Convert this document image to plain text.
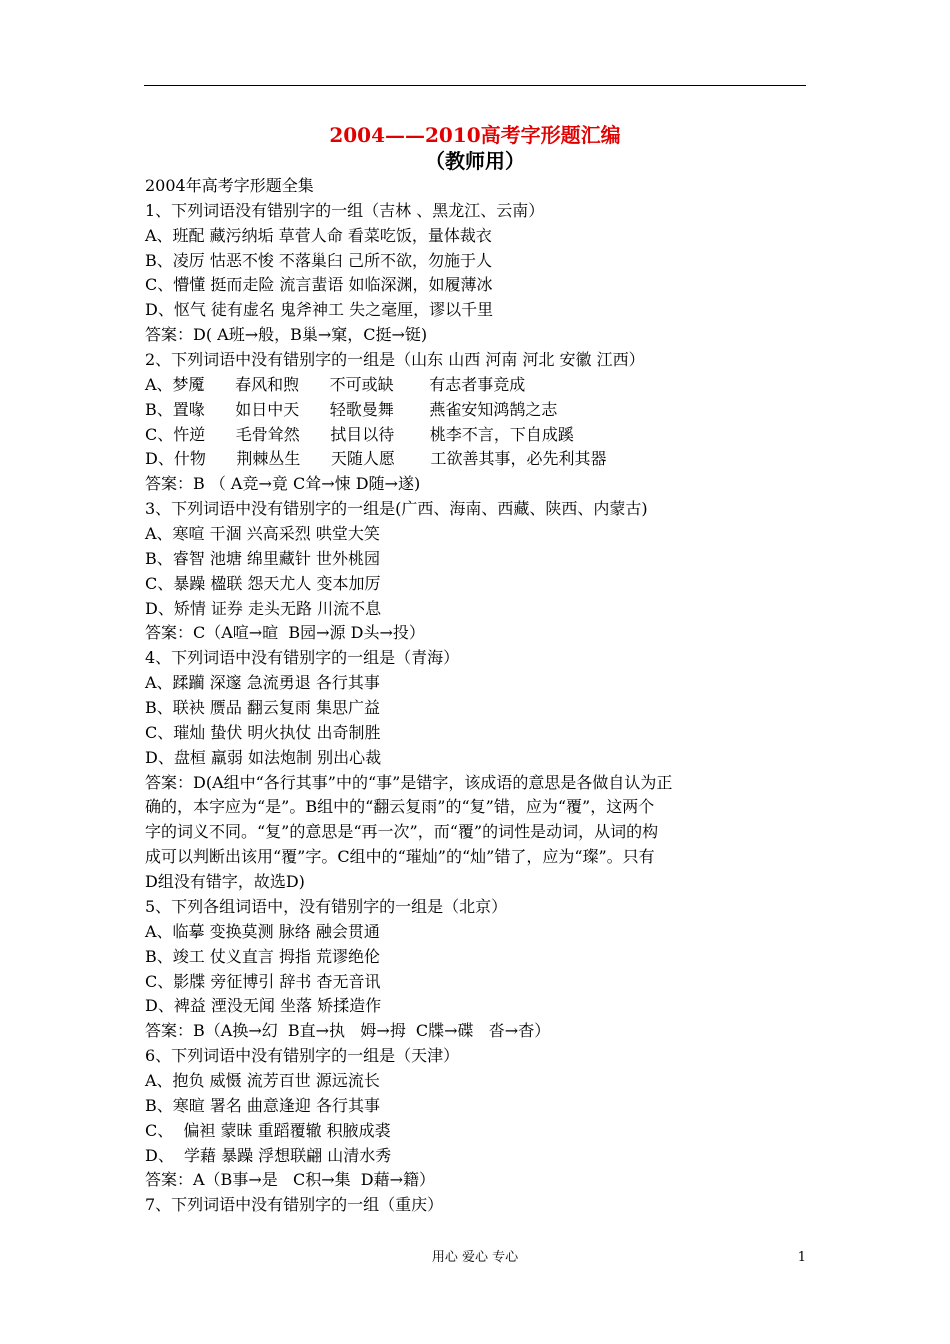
2004——2010高考字形题汇编
（教师用）
2004年高考字形题全集
1、下列词语没有错别字的一组（吉林 、黑龙江、云南）
A、班配 藏污纳垢 草菅人命 看菜吃饭，量体裁衣
B、凌厉 怙恶不悛 不落巢臼 己所不欲，勿施于人
C、懵懂 挺而走险 流言蜚语 如临深渊，如履薄冰
D、怄气 徒有虚名 鬼斧神工 失之毫厘，谬以千里
答案：D( A班→般，B巢→窠，C挺→铤)
2、下列词语中没有错别字的一组是（山东 山西 河南 河北 安徽 江西）
A、梦魇      春风和煦      不可或缺       有志者事竞成
B、置喙      如日中天      轻歌曼舞       燕雀安知鸿鹄之志
C、忤逆      毛骨耸然      拭目以待       桃李不言，下自成蹊
D、什物      荆棘丛生      天随人愿       工欲善其事，必先利其器
答案：B （ A竞→竟 C耸→悚 D随→遂)
3、下列词语中没有错别字的一组是(广西、海南、西藏、陕西、内蒙古)
A、寒喧 干涸 兴高采烈 哄堂大笑
B、睿智 池塘 绵里藏针 世外桃园
C、暴躁 楹联 怨天尤人 变本加厉
D、矫情 证券 走头无路 川流不息
答案：C（A喧→暄  B园→源 D头→投）
4、下列词语中没有错别字的一组是（青海）
A、蹂躏 深邃 急流勇退 各行其事
B、联袂 赝品 翻云复雨 集思广益
C、璀灿 蛰伏 明火执仗 出奇制胜
D、盘桓 羸弱 如法炮制 别出心裁
答案：D(A组中“各行其事”中的“事”是错字，该成语的意思是各做自认为正
确的，本字应为“是”。B组中的“翻云复雨”的“复”错，应为“覆”，这两个
字的词义不同。“复”的意思是“再一次”，而“覆”的词性是动词，从词的构
成可以判断出该用“覆”字。C组中的“璀灿”的“灿”错了，应为“璨”。只有
D组没有错字，故选D)
5、下列各组词语中，没有错别字的一组是（北京）
A、临摹 变换莫测 脉络 融会贯通
B、竣工 仗义直言 拇指 荒谬绝伦
C、影牒 旁征博引 辞书 杳无音讯
D、裨益 湮没无闻 坐落 矫揉造作
答案：B（A换→幻  B直→执   姆→拇  C牒→碟   沓→杳）
6、下列词语中没有错别字的一组是（天津）
A、抱负 威慑 流芳百世 源远流长
B、寒暄 署名 曲意逢迎 各行其事
C、  偏袒 蒙昧 重蹈覆辙 积腋成裘
D、  学藉 暴躁 浮想联翩 山清水秀
答案：A（B事→是   C积→集  D藉→籍）
7、下列词语中没有错别字的一组（重庆）
用心 爱心 专心	1
